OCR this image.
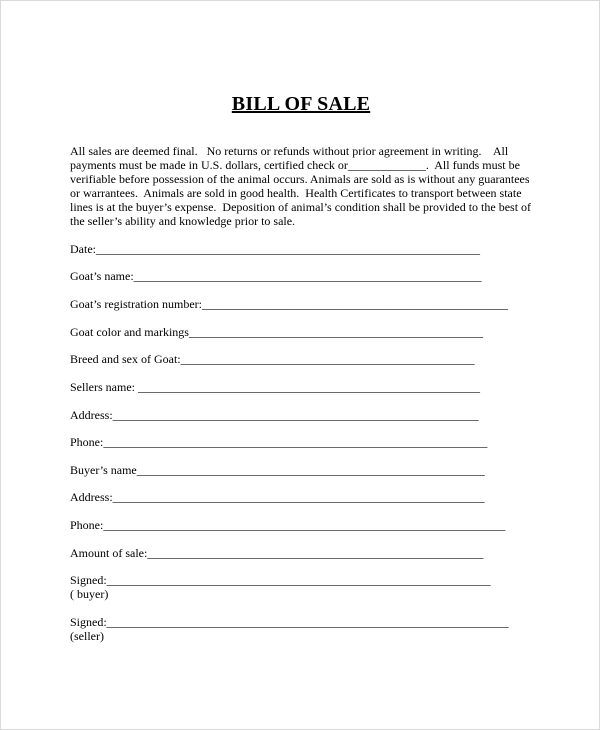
BILL OF SALE

All sales are deemed final.   No returns or refunds without prior agreement in writing.    All
payments must be made in U.S. dollars, certified check or_____________.  All funds must be
verifiable before possession of the animal occurs. Animals are sold as is without any guarantees
or warrantees.  Animals are sold in good health.  Health Certificates to transport between state
lines is at the buyer’s expense.  Deposition of animal’s condition shall be provided to the best of
the seller’s ability and knowledge prior to sale.

Date:________________________________________________________________
Goat’s name:__________________________________________________________
Goat’s registration number:___________________________________________________
Goat color and markings_________________________________________________
Breed and sex of Goat:_________________________________________________
Sellers name: _________________________________________________________
Address:_____________________________________________________________
Phone:________________________________________________________________
Buyer’s name__________________________________________________________
Address:______________________________________________________________
Phone:___________________________________________________________________
Amount of sale:________________________________________________________
Signed:________________________________________________________________
( buyer)
Signed:___________________________________________________________________
(seller)
